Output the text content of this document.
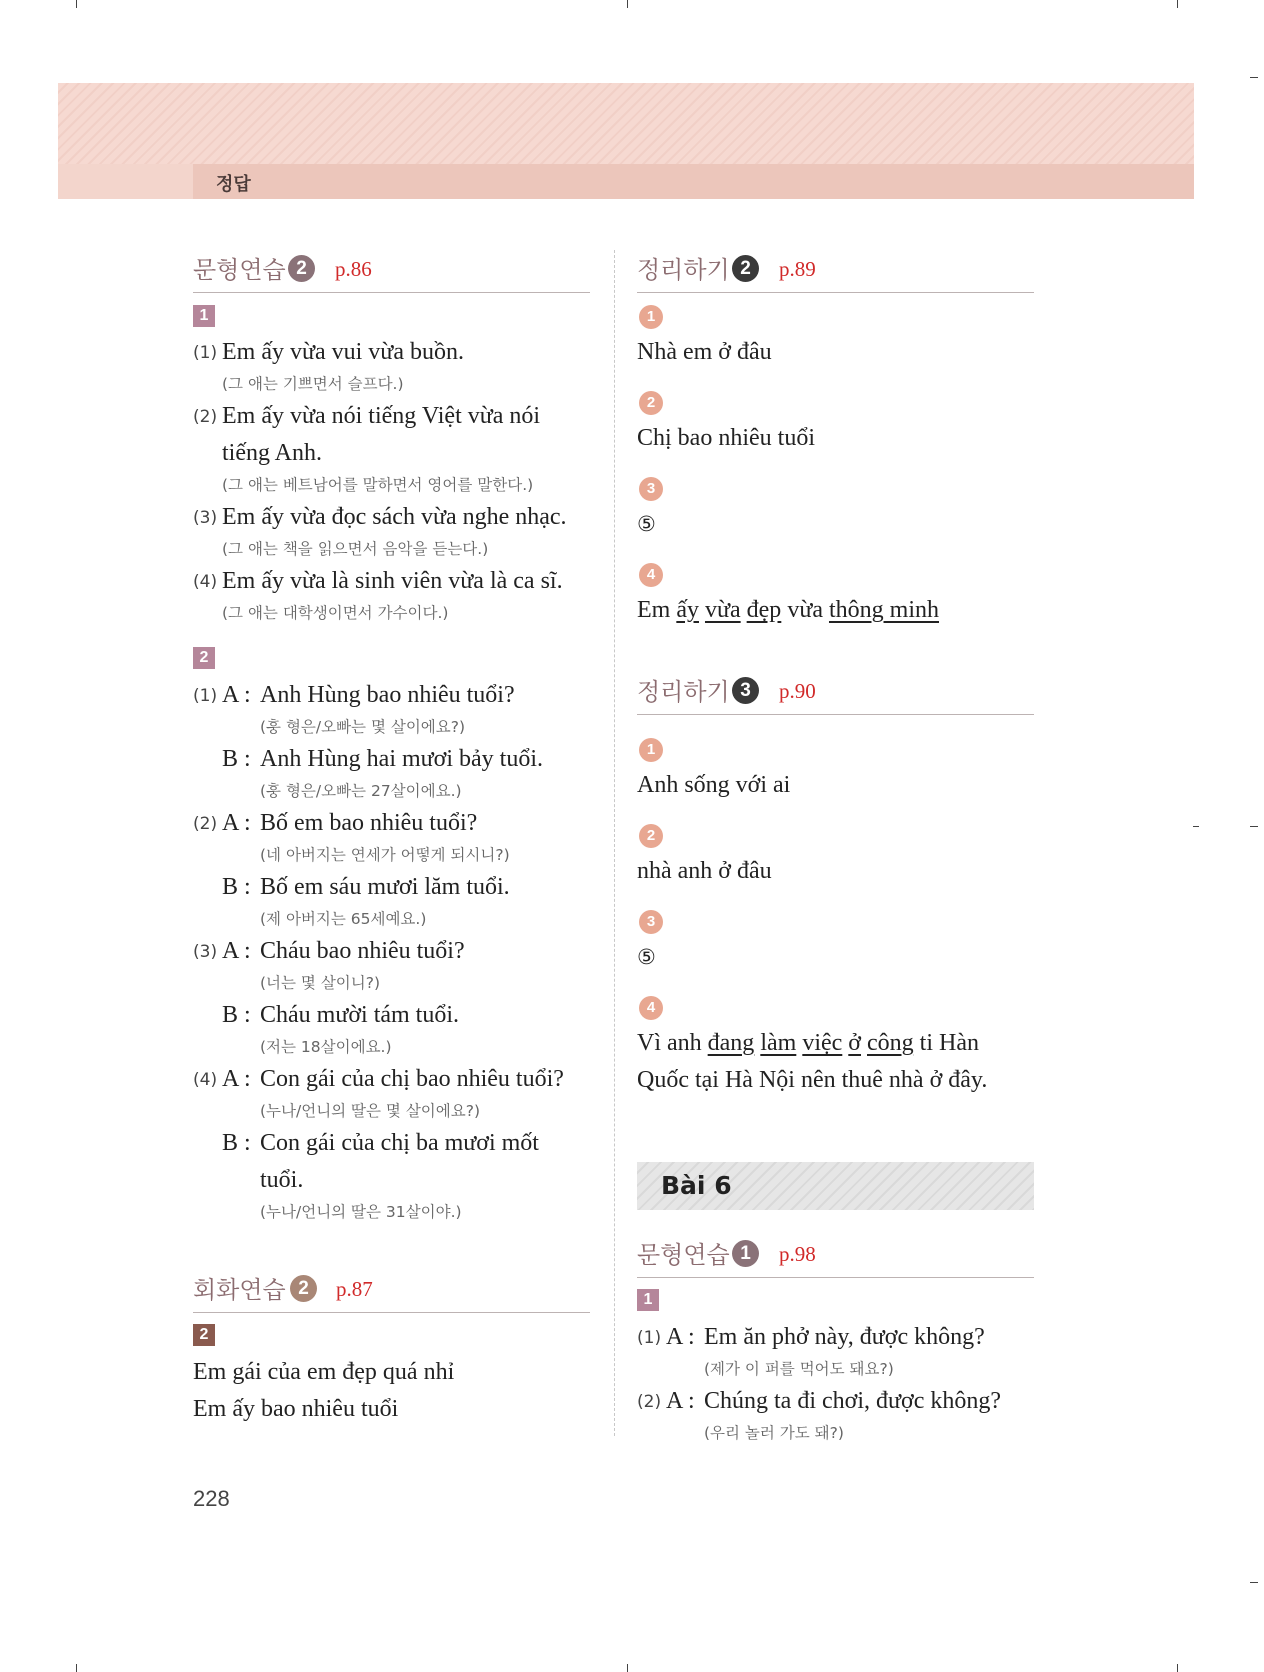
정답
문형연습 2	p.86
1
(1) Em ấy vừa vui vừa buồn.
(그 애는 기쁘면서 슬프다.)
(2) Em ấy vừa nói tiếng Việt vừa nói
tiếng Anh.
(그 애는 베트남어를 말하면서 영어를 말한다.)
(3) Em ấy vừa đọc sách vừa nghe nhạc.
(그 애는 책을 읽으면서 음악을 듣는다.)
(4) Em ấy vừa là sinh viên vừa là ca sĩ.
(그 애는 대학생이면서 가수이다.)
2
(1) A : Anh Hùng bao nhiêu tuổi?
(훙 형은/오빠는 몇 살이에요?)
B : Anh Hùng hai mươi bảy tuổi.
(훙 형은/오빠는 27살이에요.)
(2) A : Bố em bao nhiêu tuổi?
(네 아버지는 연세가 어떻게 되시니?)
B : Bố em sáu mươi lăm tuổi.
(제 아버지는 65세예요.)
(3) A : Cháu bao nhiêu tuổi?
(너는 몇 살이니?)
B : Cháu mười tám tuổi.
(저는 18살이에요.)
(4) A : Con gái của chị bao nhiêu tuổi?
(누나/언니의 딸은 몇 살이에요?)
B : Con gái của chị ba mươi mốt
tuổi.
(누나/언니의 딸은 31살이야.)
회화연습 2	p.87
2
Em gái của em đẹp quá nhỉ
Em ấy bao nhiêu tuổi
228
정리하기 2	p.89
1
Nhà em ở đâu
2
Chị bao nhiêu tuổi
3
⑤
4
Em ấy vừa đẹp vừa thông minh
정리하기 3	p.90
1
Anh sống với ai
2
nhà anh ở đâu
3
⑤
4
Vì anh đang làm việc ở công ti Hàn
Quốc tại Hà Nội nên thuê nhà ở đây.
Bài 6
문형연습 1	p.98
1
(1) A : Em ăn phở này, được không?
(제가 이 퍼를 먹어도 돼요?)
(2) A : Chúng ta đi chơi, được không?
(우리 놀러 가도 돼?)
